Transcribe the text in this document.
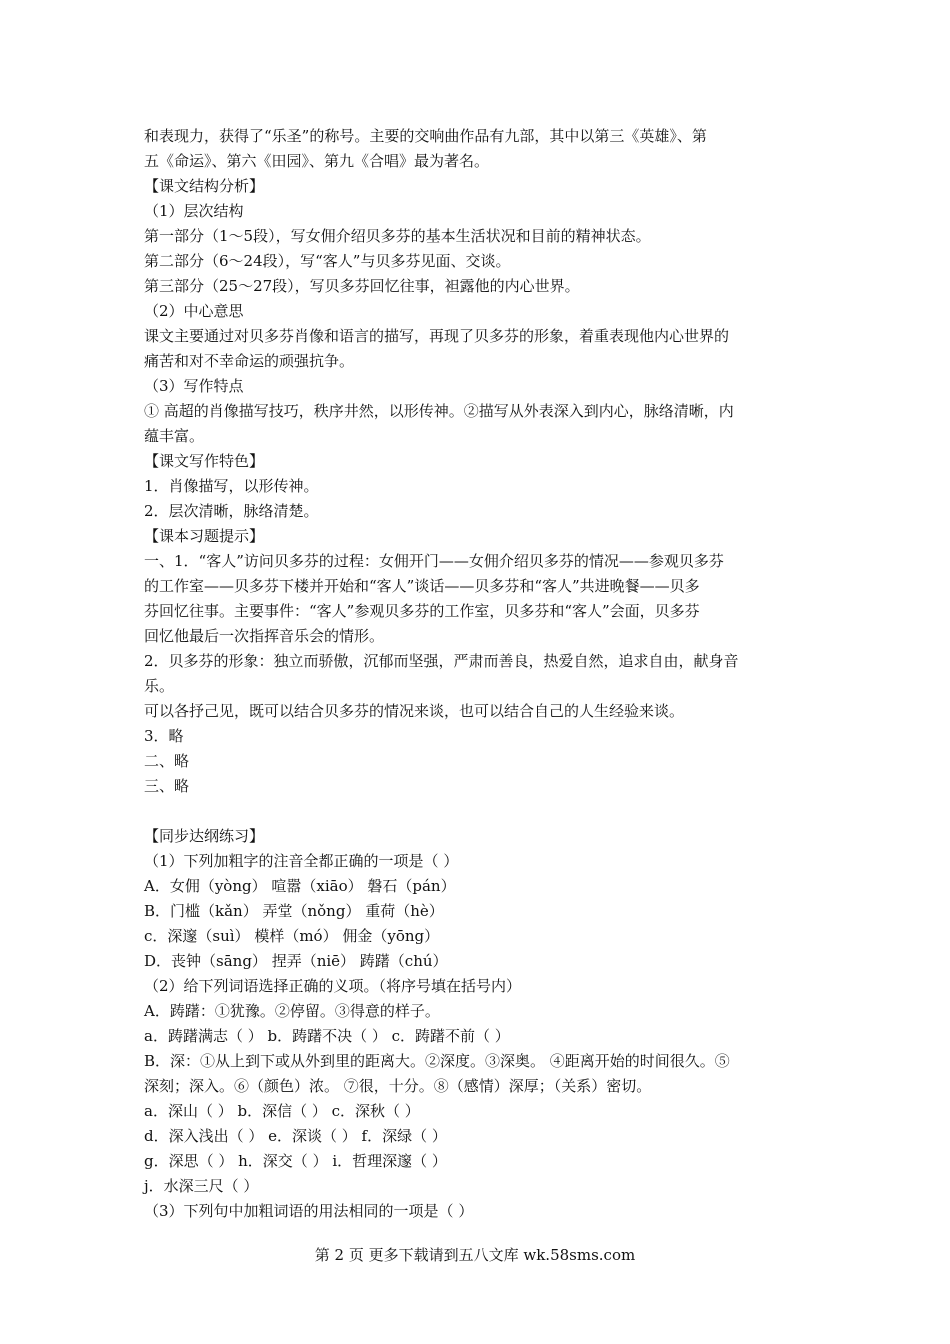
和表现力，获得了“乐圣”的称号。主要的交响曲作品有九部，其中以第三《英雄》、第
五《命运》、第六《田园》、第九《合唱》最为著名。
【课文结构分析】
（1）层次结构
第一部分（1～5段），写女佣介绍贝多芬的基本生活状况和目前的精神状态。
第二部分（6～24段），写“客人”与贝多芬见面、交谈。
第三部分（25～27段），写贝多芬回忆往事，袒露他的内心世界。
（2）中心意思
课文主要通过对贝多芬肖像和语言的描写，再现了贝多芬的形象，着重表现他内心世界的
痛苦和对不幸命运的顽强抗争。
（3）写作特点
① 高超的肖像描写技巧，秩序井然，以形传神。②描写从外表深入到内心，脉络清晰，内
蕴丰富。
【课文写作特色】
1．肖像描写，以形传神。
2．层次清晰，脉络清楚。
【课本习题提示】
一、1．“客人”访问贝多芬的过程：女佣开门——女佣介绍贝多芬的情况——参观贝多芬
的工作室——贝多芬下楼并开始和“客人”谈话——贝多芬和“客人”共进晚餐——贝多
芬回忆往事。主要事件：“客人”参观贝多芬的工作室，贝多芬和“客人”会面，贝多芬
回忆他最后一次指挥音乐会的情形。
2．贝多芬的形象：独立而骄傲，沉郁而坚强，严肃而善良，热爱自然，追求自由，献身音
乐。
可以各抒己见，既可以结合贝多芬的情况来谈，也可以结合自己的人生经验来谈。
3．略
二、略
三、略
【同步达纲练习】
（1）下列加粗字的注音全都正确的一项是（ ）
A．女佣（yòng） 喧嚣（xiāo） 磐石（pán）
B．门槛（kǎn） 弄堂（nǒng） 重荷（hè）
c．深邃（suì） 模样（mó） 佣金（yōng）
D．丧钟（sāng） 捏弄（niē） 踌躇（chú）
（2）给下列词语选择正确的义项。（将序号填在括号内）
A．踌躇：①犹豫。②停留。③得意的样子。
a．踌躇满志（ ） b．踌躇不决（ ） c．踌躇不前（ ）
B．深：①从上到下或从外到里的距离大。②深度。③深奥。 ④距离开始的时间很久。⑤
深刻；深入。⑥（颜色）浓。 ⑦很，十分。⑧（感情）深厚；（关系）密切。
a．深山（ ） b．深信（ ） c．深秋（ ）
d．深入浅出（ ） e．深谈（ ） f．深绿（ ）
g．深思（ ） h．深交（ ） i．哲理深邃（ ）
j．水深三尺（ ）
（3）下列句中加粗词语的用法相同的一项是（ ）
第 2 页 更多下载请到五八文库 wk.58sms.com
